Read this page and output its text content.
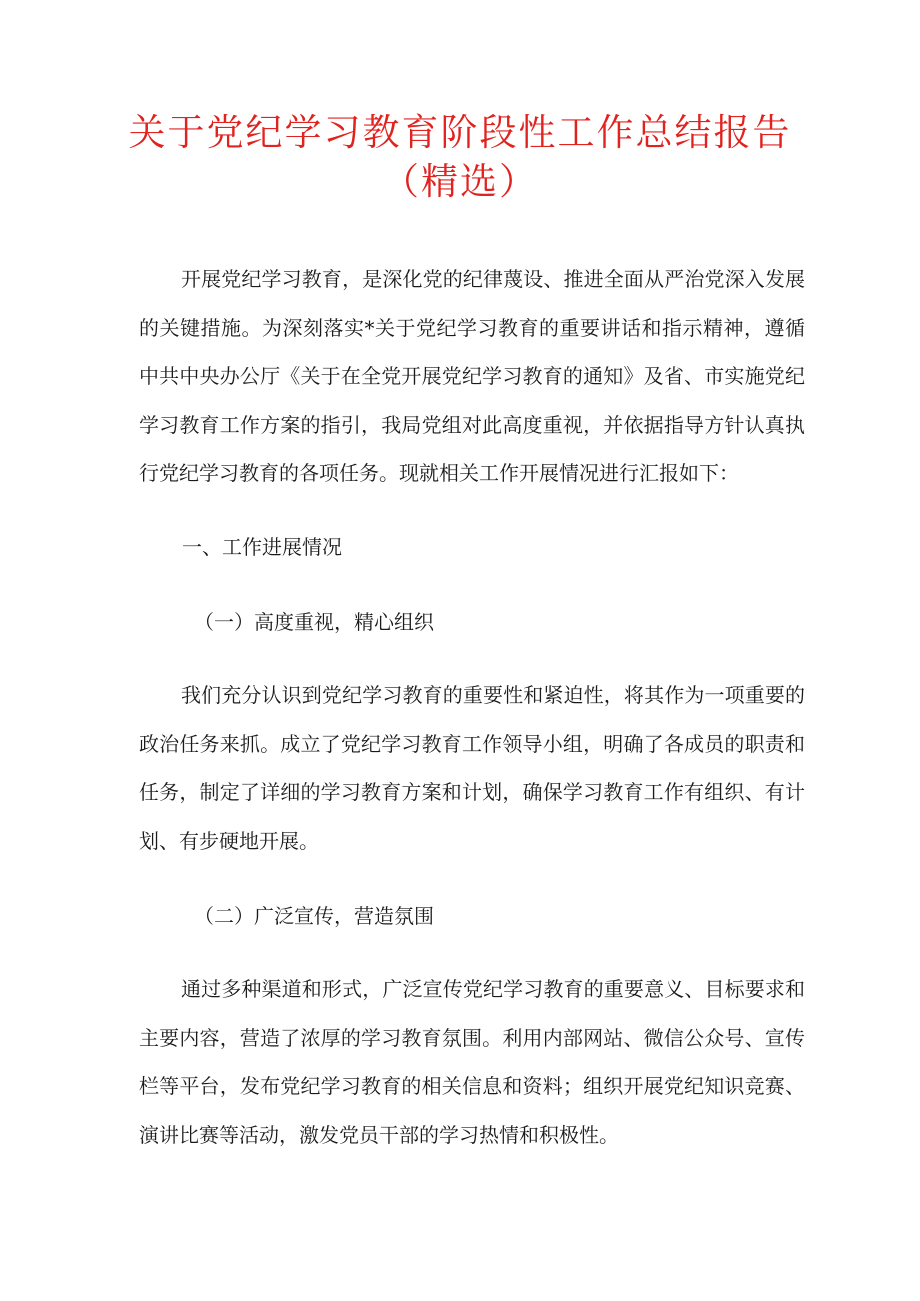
关于党纪学习教育阶段性工作总结报告（精选）

开展党纪学习教育，是深化党的纪律蔑设、推进全面从严治党深入发展的关键措施。为深刻落实*关于党纪学习教育的重要讲话和指示精神，遵循中共中央办公厅《关于在全党开展党纪学习教育的通知》及省、市实施党纪学习教育工作方案的指引，我局党组对此高度重视，并依据指导方针认真执行党纪学习教育的各项任务。现就相关工作开展情况进行汇报如下：

一、工作进展情况

（一）高度重视，精心组织

我们充分认识到党纪学习教育的重要性和紧迫性，将其作为一项重要的政治任务来抓。成立了党纪学习教育工作领导小组，明确了各成员的职责和任务，制定了详细的学习教育方案和计划，确保学习教育工作有组织、有计划、有步硬地开展。

（二）广泛宣传，营造氛围

通过多种渠道和形式，广泛宣传党纪学习教育的重要意义、目标要求和主要内容，营造了浓厚的学习教育氛围。利用内部网站、微信公众号、宣传栏等平台，发布党纪学习教育的相关信息和资料；组织开展党纪知识竞赛、演讲比赛等活动，激发党员干部的学习热情和积极性。
